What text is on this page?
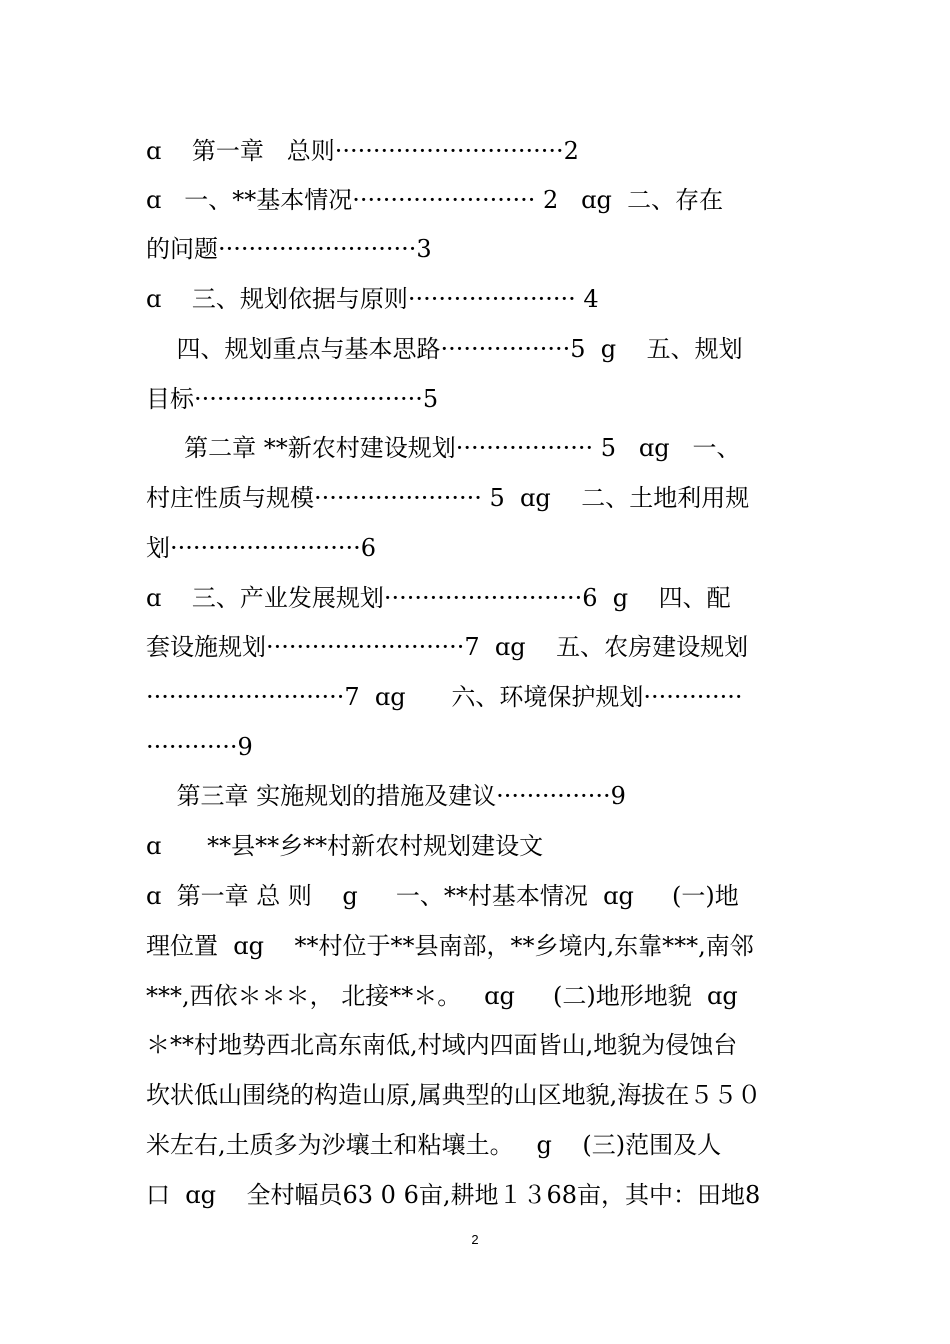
ɑ    第一章   总则······························2
ɑ   一、**基本情况························ 2   ɑg  二、存在
的问题··························3
ɑ    三、规划依据与原则······················ 4
四、规划重点与基本思路·················5  g    五、规划
目标······························5
第二章 **新农村建设规划·················· 5   ɑg   一、
村庄性质与规模······················ 5  ɑg    二、土地利用规
划·························6
ɑ    三、产业发展规划··························6  g    四、配
套设施规划··························7  ɑg    五、农房建设规划
··························7  ɑg      六、环境保护规划·············
············9
第三章 实施规划的措施及建议···············9
ɑ      **县**乡**村新农村规划建设文
ɑ  第一章 总 则    g     一、**村基本情况  ɑg     (一)地
理位置  ɑg    **村位于**县南部，**乡境内,东靠***,南邻
***,西依＊＊＊， 北接**＊。   ɑg     (二)地形地貌  ɑg
＊**村地势西北高东南低,村域内四面皆山,地貌为侵蚀台
坎状低山围绕的构造山原,属典型的山区地貌,海拔在５５０
米左右,土质多为沙壤土和粘壤土。   g    (三)范围及人
口  ɑg    全村幅员63 0 6亩,耕地１３68亩，其中：田地8
2
